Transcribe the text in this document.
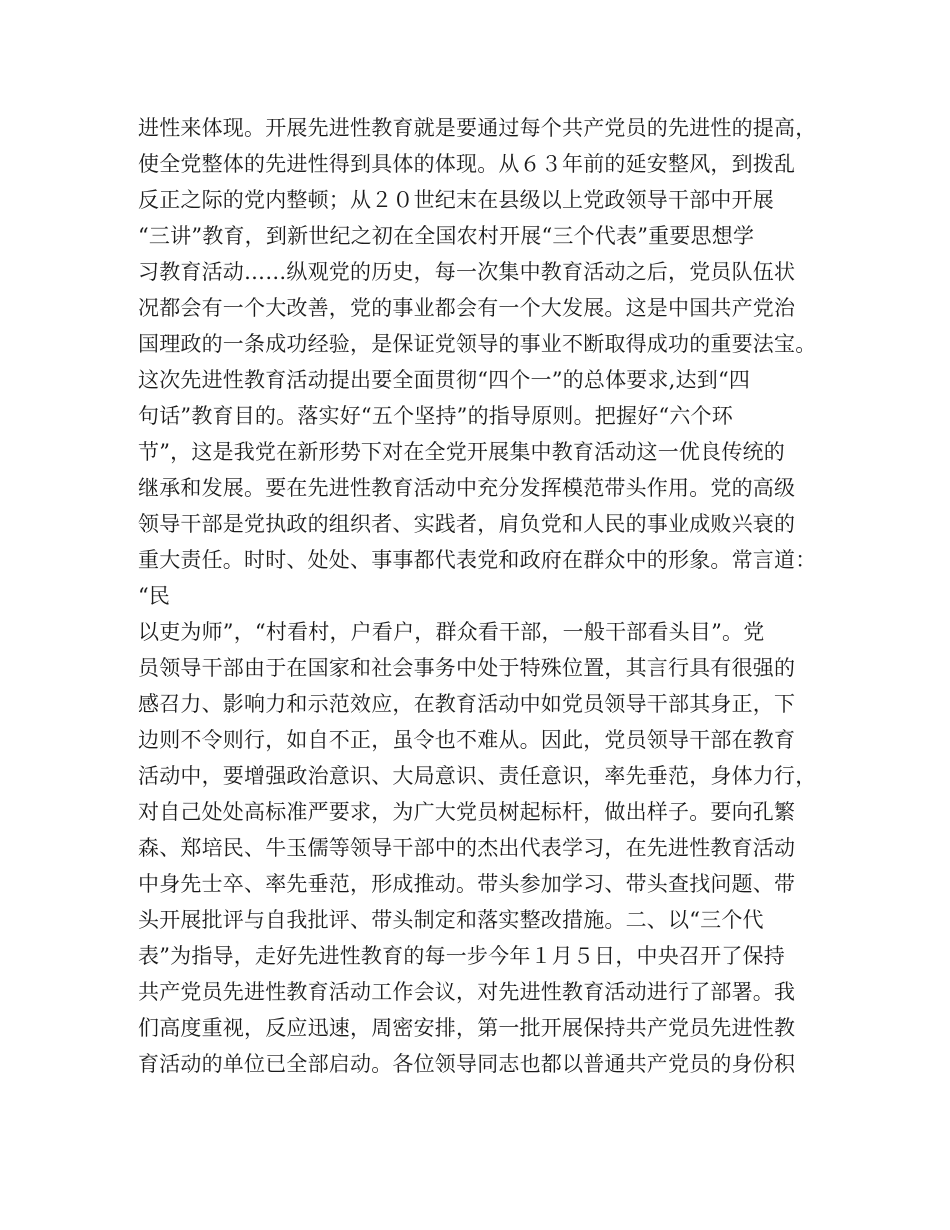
进性来体现。开展先进性教育就是要通过每个共产党员的先进性的提高，
使全党整体的先进性得到具体的体现。从６３年前的延安整风，到拨乱
反正之际的党内整顿；从２０世纪末在县级以上党政领导干部中开展
“三讲”教育，到新世纪之初在全国农村开展“三个代表”重要思想学
习教育活动……纵观党的历史，每一次集中教育活动之后，党员队伍状
况都会有一个大改善，党的事业都会有一个大发展。这是中国共产党治
国理政的一条成功经验，是保证党领导的事业不断取得成功的重要法宝。
这次先进性教育活动提出要全面贯彻“四个一”的总体要求,达到“四
句话”教育目的。落实好“五个坚持”的指导原则。把握好“六个环
节”，这是我党在新形势下对在全党开展集中教育活动这一优良传统的
继承和发展。要在先进性教育活动中充分发挥模范带头作用。党的高级
领导干部是党执政的组织者、实践者，肩负党和人民的事业成败兴衰的
重大责任。时时、处处、事事都代表党和政府在群众中的形象。常言道：
“民
以吏为师”，“村看村，户看户，群众看干部，一般干部看头目”。党
员领导干部由于在国家和社会事务中处于特殊位置，其言行具有很强的
感召力、影响力和示范效应，在教育活动中如党员领导干部其身正，下
边则不令则行，如自不正，虽令也不难从。因此，党员领导干部在教育
活动中，要增强政治意识、大局意识、责任意识，率先垂范，身体力行，
对自己处处高标准严要求，为广大党员树起标杆，做出样子。要向孔繁
森、郑培民、牛玉儒等领导干部中的杰出代表学习，在先进性教育活动
中身先士卒、率先垂范，形成推动。带头参加学习、带头查找问题、带
头开展批评与自我批评、带头制定和落实整改措施。二、以“三个代
表”为指导，走好先进性教育的每一步今年１月５日，中央召开了保持
共产党员先进性教育活动工作会议，对先进性教育活动进行了部署。我
们高度重视，反应迅速，周密安排，第一批开展保持共产党员先进性教
育活动的单位已全部启动。各位领导同志也都以普通共产党员的身份积
